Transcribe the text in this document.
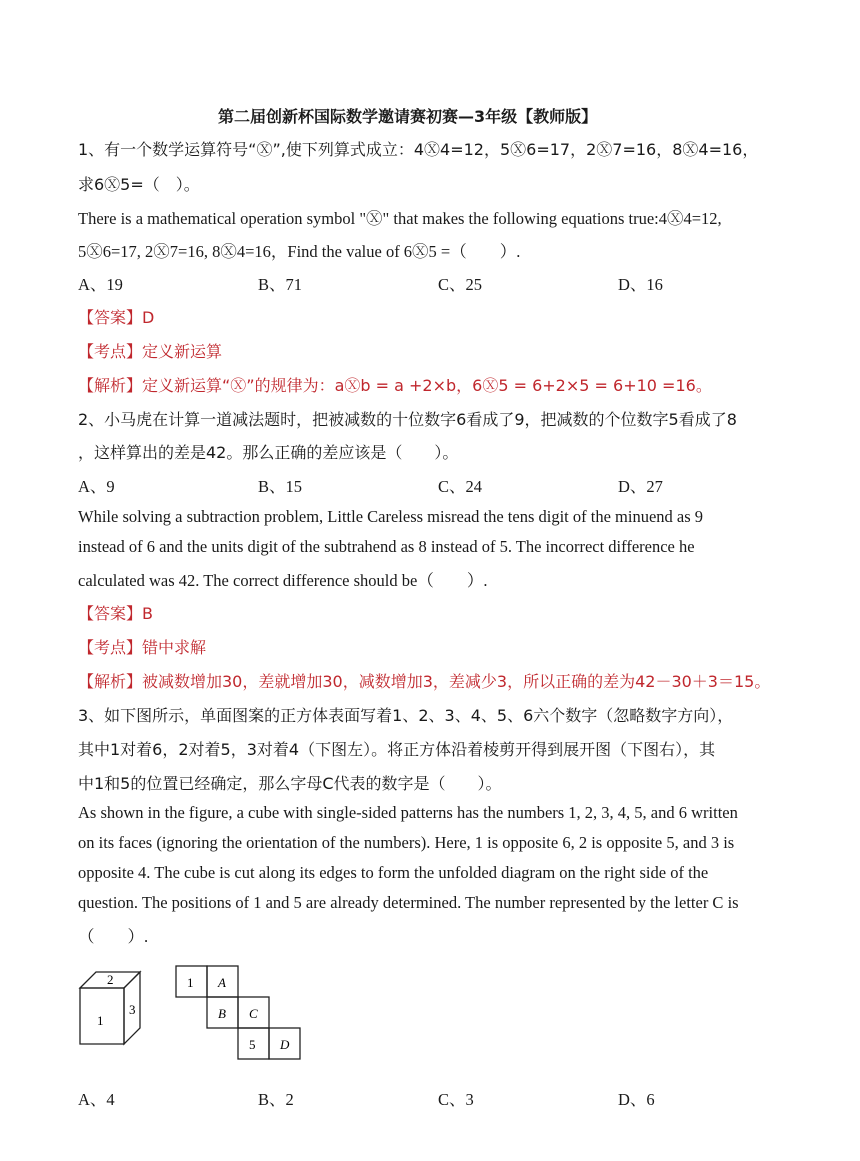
第二届创新杯国际数学邀请赛初赛—3年级【教师版】
1、有一个数学运算符号“Ⓧ”,使下列算式成立：4Ⓧ4=12，5Ⓧ6=17，2Ⓧ7=16，8Ⓧ4=16，
求6Ⓧ5=（　）。
There is a mathematical operation symbol "Ⓧ" that makes the following equations true:4Ⓧ4=12,
5Ⓧ6=17, 2Ⓧ7=16, 8Ⓧ4=16，Find the value of 6Ⓧ5 =（　　）.
A、19	B、71	C、25	D、16
【答案】D
【考点】定义新运算
【解析】定义新运算“Ⓧ”的规律为：aⓍb = a +2×b，6Ⓧ5 = 6+2×5 = 6+10 =16。
2、小马虎在计算一道减法题时，把被减数的十位数字6看成了9，把减数的个位数字5看成了8
，这样算出的差是42。那么正确的差应该是（　　）。
A、9	B、15	C、24	D、27
While solving a subtraction problem, Little Careless misread the tens digit of the minuend as 9
instead of 6 and the units digit of the subtrahend as 8 instead of 5. The incorrect difference he
calculated was 42. The correct difference should be（　　）.
【答案】B
【考点】错中求解
【解析】被减数增加30，差就增加30，减数增加3，差减少3，所以正确的差为42－30＋3＝15。
3、如下图所示，单面图案的正方体表面写着1、2、3、4、5、6六个数字（忽略数字方向），
其中1对着6，2对着5，3对着4（下图左）。将正方体沿着棱剪开得到展开图（下图右），其
中1和5的位置已经确定，那么字母C代表的数字是（　　）。
As shown in the figure, a cube with single-sided patterns has the numbers 1, 2, 3, 4, 5, and 6 written
on its faces (ignoring the orientation of the numbers). Here, 1 is opposite 6, 2 is opposite 5, and 3 is
opposite 4. The cube is cut along its edges to form the unfolded diagram on the right side of the
question. The positions of 1 and 5 are already determined. The number represented by the letter C is
（　　）.
1
2
3
1 A
B C
5 D
A、4	B、2	C、3	D、6
